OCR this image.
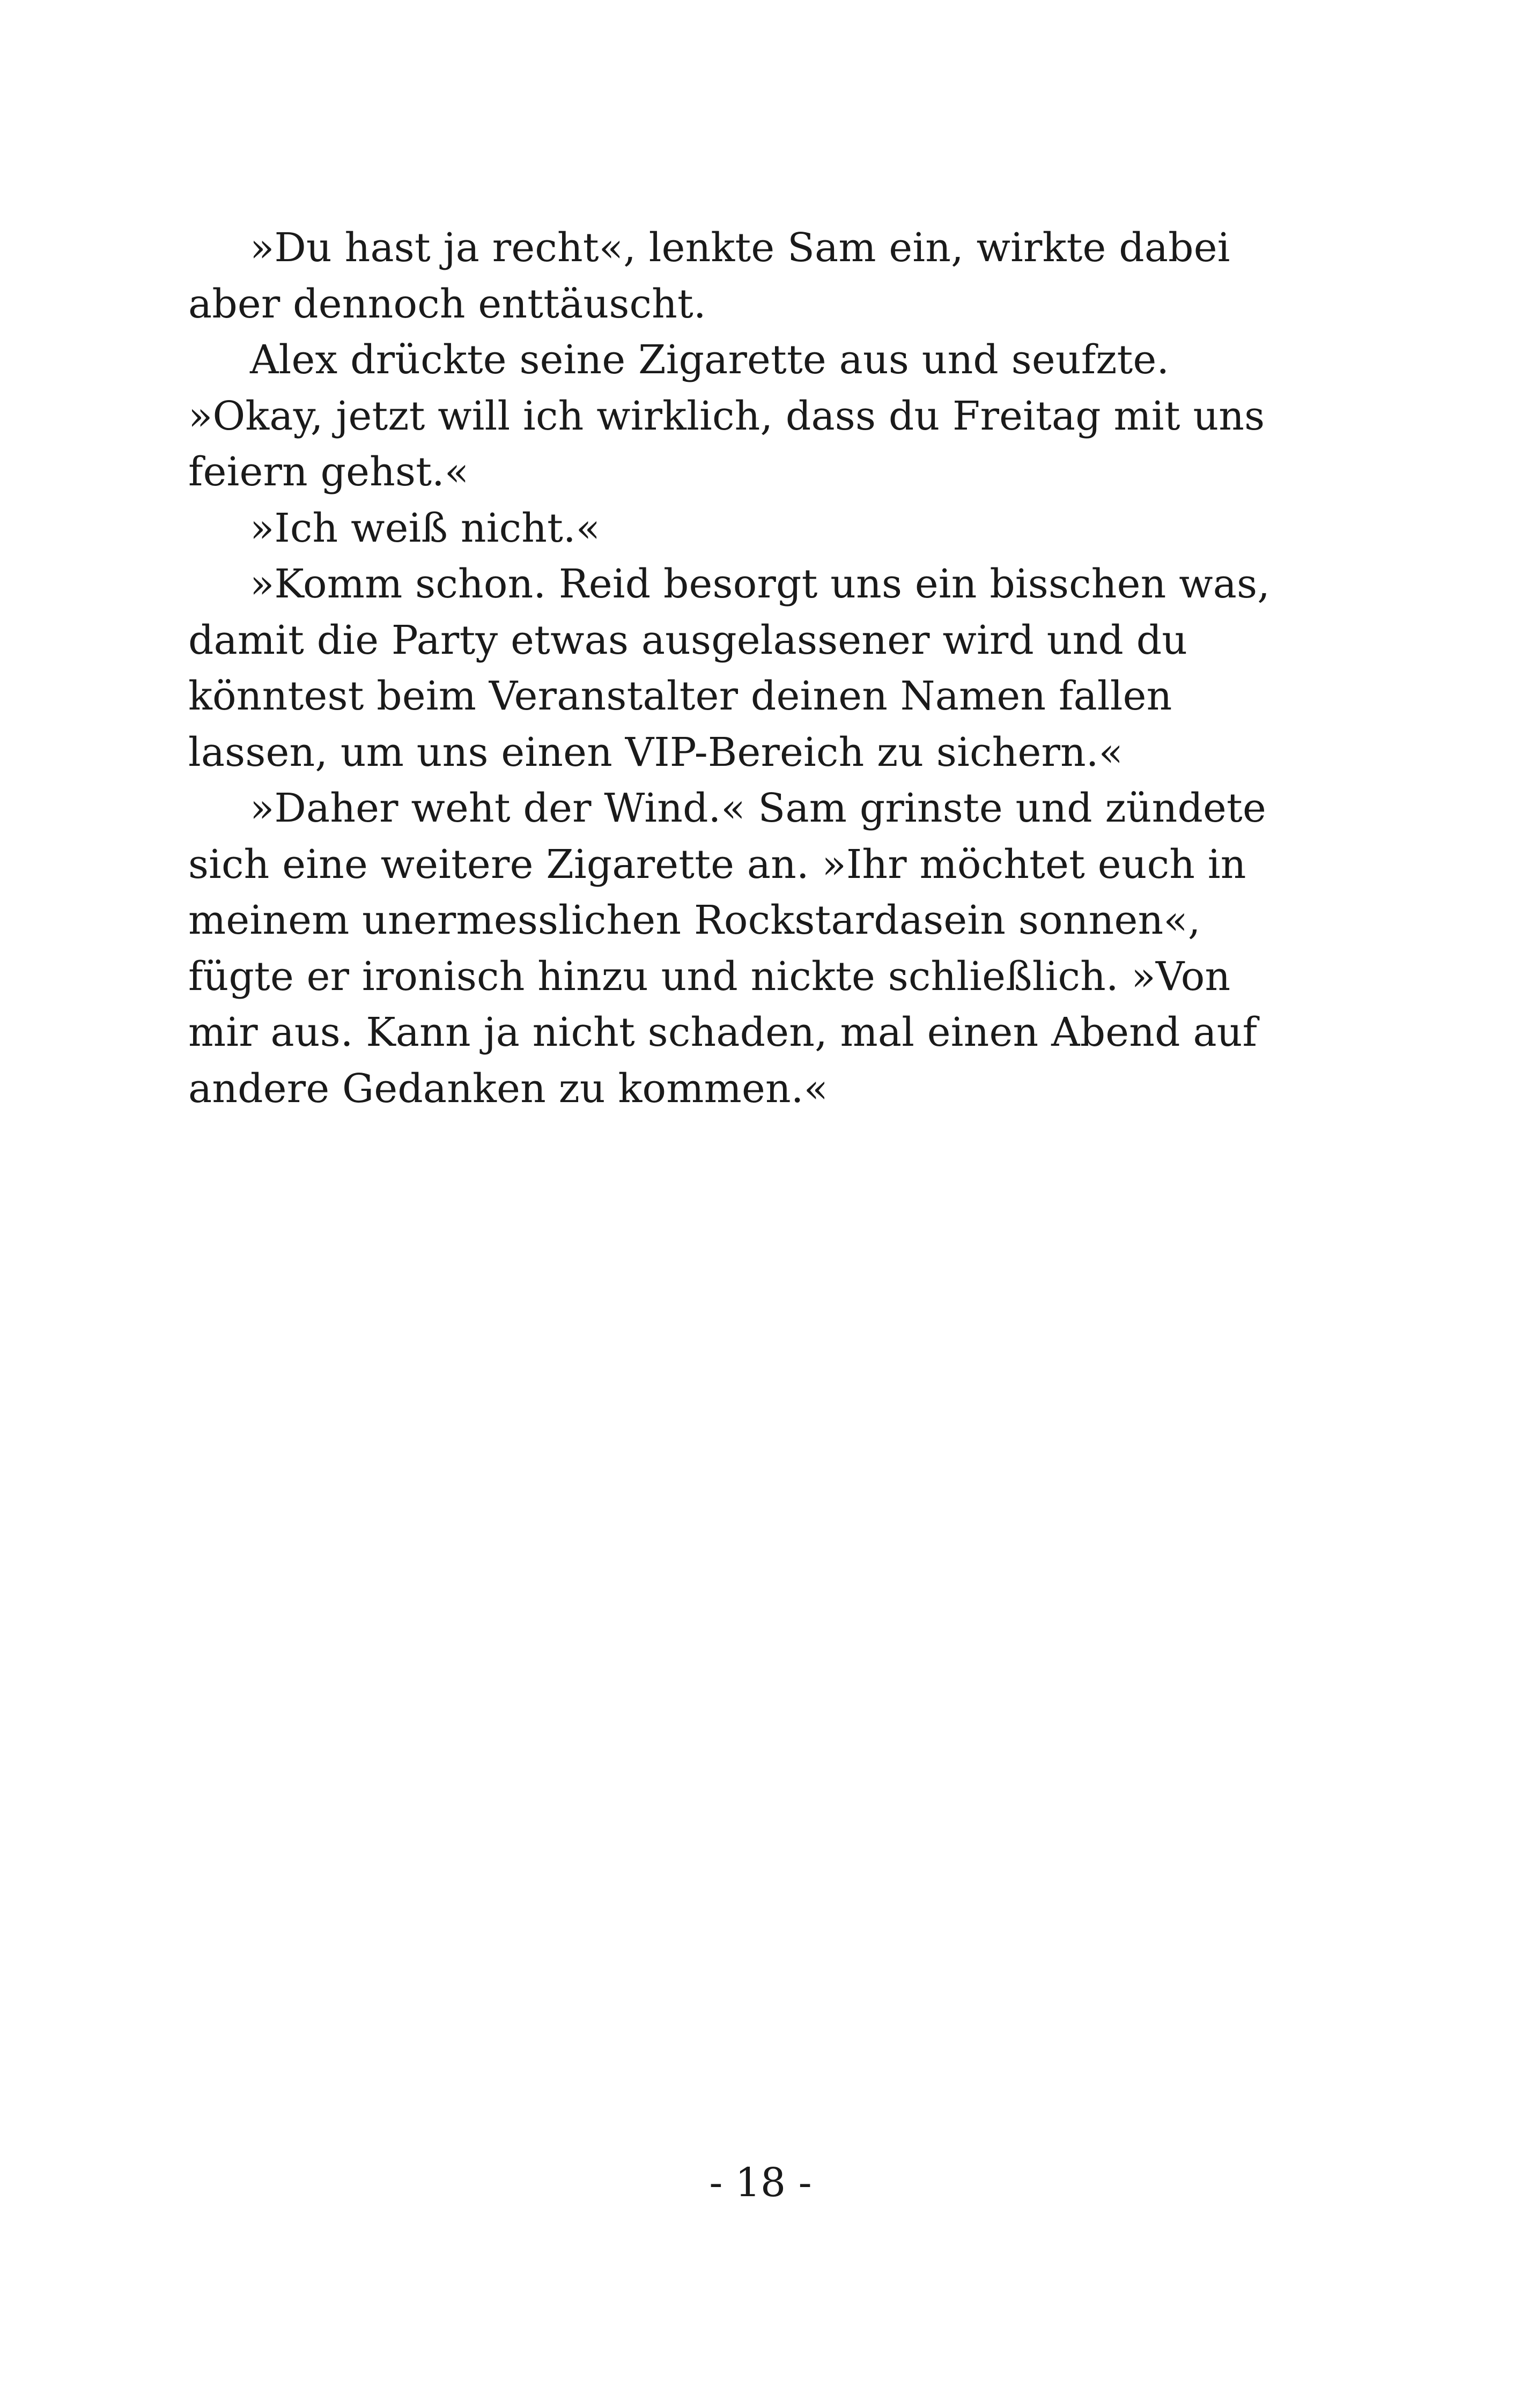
»Du hast ja recht«, lenkte Sam ein, wirkte dabei
aber dennoch enttäuscht.
Alex drückte seine Zigarette aus und seufzte.
»Okay, jetzt will ich wirklich, dass du Freitag mit uns
feiern gehst.«
»Ich weiß nicht.«
»Komm schon. Reid besorgt uns ein bisschen was,
damit die Party etwas ausgelassener wird und du
könntest beim Veranstalter deinen Namen fallen
lassen, um uns einen VIP-Bereich zu sichern.«
»Daher weht der Wind.« Sam grinste und zündete
sich eine weitere Zigarette an. »Ihr möchtet euch in
meinem unermesslichen Rockstardasein sonnen«,
fügte er ironisch hinzu und nickte schließlich. »Von
mir aus. Kann ja nicht schaden, mal einen Abend auf
andere Gedanken zu kommen.«
- 18 -
